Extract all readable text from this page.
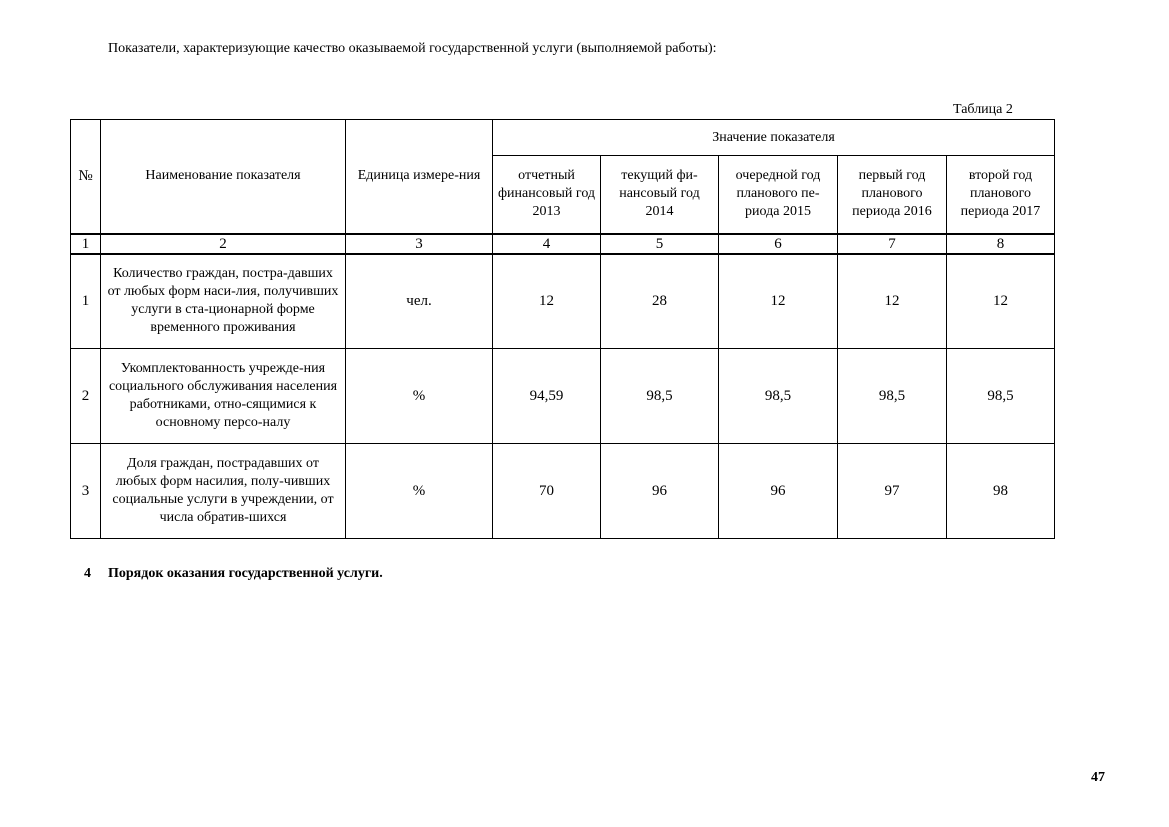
Показатели, характеризующие качество оказываемой государственной услуги (выполняемой работы):
Таблица 2
№	Наименование показателя	Единица измере-ния	Значение показателя				
			отчетный финансовый год 2013	текущий фи-нансовый год 2014	очередной год планового пе-риода 2015	первый год планового периода 2016	второй год планового периода 2017
1	2	3	4	5	6	7	8
1	Количество граждан, постра-давших от любых форм наси-лия, получивших услуги в ста-ционарной форме временного проживания	чел.	12	28	12	12	12
2	Укомплектованность учрежде-ния социального обслуживания населения работниками, отно-сящимися к основному персо-налу	%	94,59	98,5	98,5	98,5	98,5
3	Доля граждан, пострадавших от любых форм насилия, полу-чивших социальные услуги в учреждении, от числа обратив-шихся	%	70	96	96	97	98
4 Порядок оказания государственной услуги.
47
